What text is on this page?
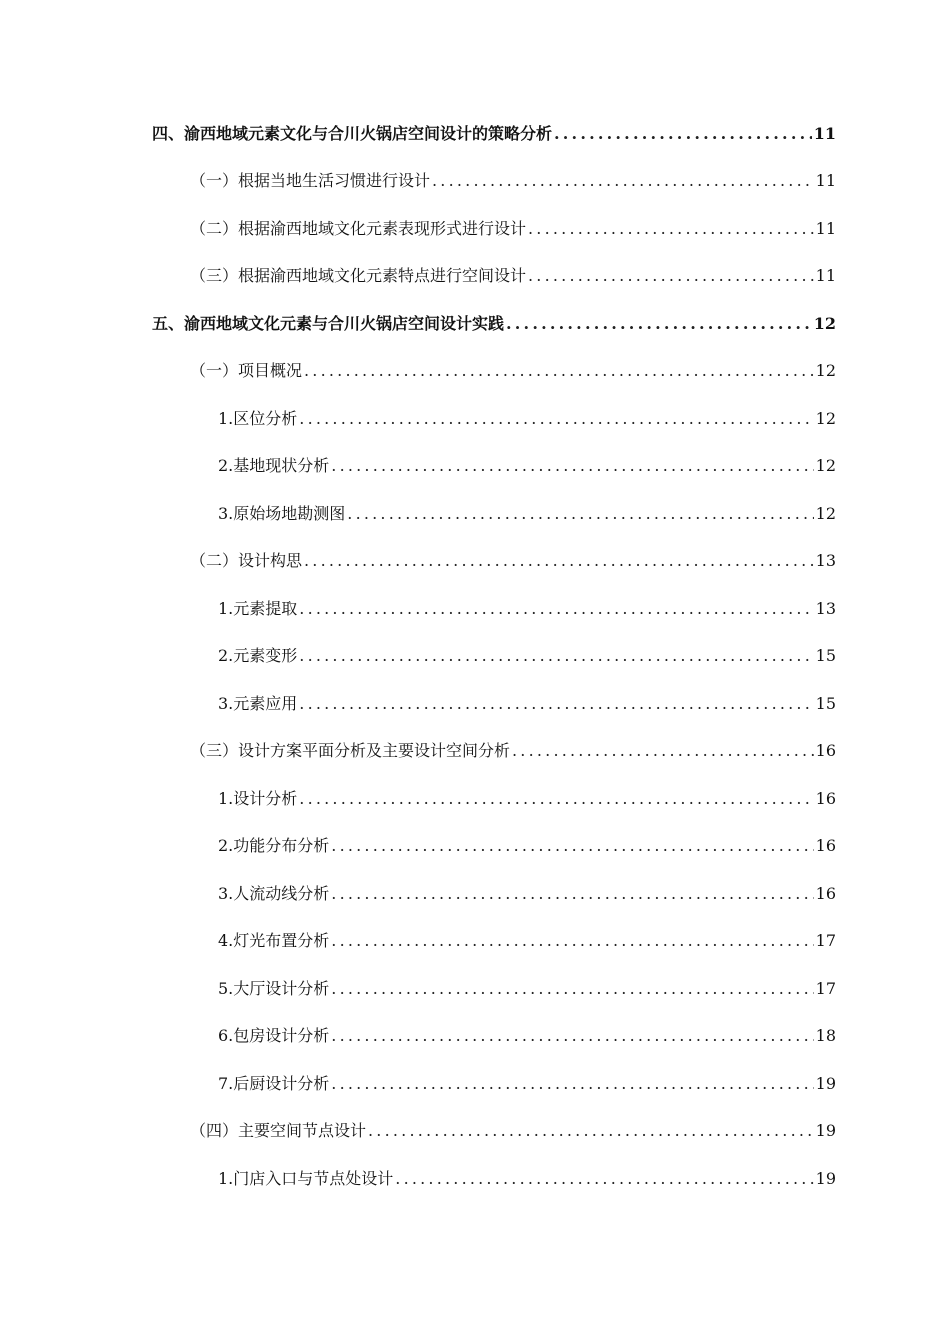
四、渝西地域元素文化与合川火锅店空间设计的策略分析 .....	11
（一）根据当地生活习惯进行设计 .....	11
（二）根据渝西地域文化元素表现形式进行设计 .....	11
（三）根据渝西地域文化元素特点进行空间设计 .....	11
五、渝西地域文化元素与合川火锅店空间设计实践 .....	12
（一）项目概况 .....	12
1.区位分析 .....	12
2.基地现状分析 .....	12
3.原始场地勘测图 .....	12
（二）设计构思 .....	13
1.元素提取 .....	13
2.元素变形 .....	15
3.元素应用 .....	15
（三）设计方案平面分析及主要设计空间分析 .....	16
1.设计分析 .....	16
2.功能分布分析 .....	16
3.人流动线分析 .....	16
4.灯光布置分析 .....	17
5.大厅设计分析 .....	17
6.包房设计分析 .....	18
7.后厨设计分析 .....	19
（四）主要空间节点设计 .....	19
1.门店入口与节点处设计 .....	19
